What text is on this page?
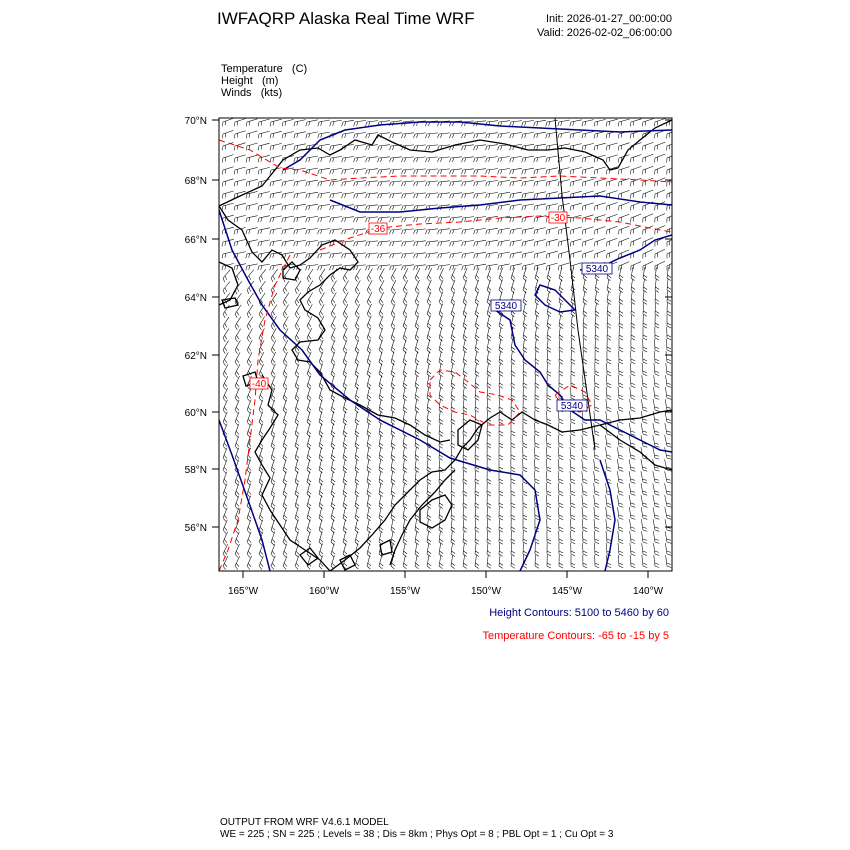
IWFAQRP Alaska Real Time WRF	Init: 2026-01-27_00:00:00
Valid: 2026-02-02_06:00:00
Temperature   (C)
Height   (m)
Winds   (kts)
5340
5340
5340
-36
-30
-40
70°N
68°N
66°N
64°N
62°N
60°N
58°N
56°N
165°W	160°W	155°W	150°W	145°W	140°W
Height Contours: 5100 to 5460 by 60
Temperature Contours: -65 to -15 by 5
OUTPUT FROM WRF V4.6.1 MODEL
WE = 225 ; SN = 225 ; Levels = 38 ; Dis = 8km ; Phys Opt = 8 ; PBL Opt = 1 ; Cu Opt = 3
